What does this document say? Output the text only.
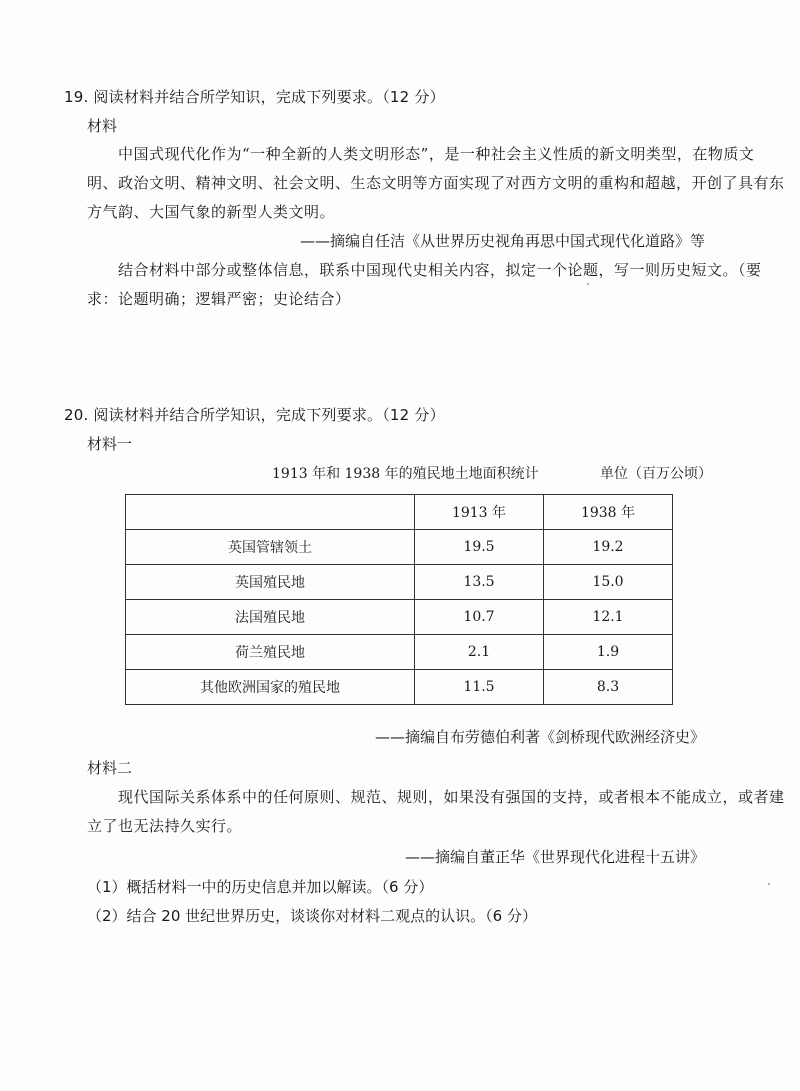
19. 阅读材料并结合所学知识，完成下列要求。（12 分）
材料
中国式现代化作为“一种全新的人类文明形态”，是一种社会主义性质的新文明类型，在物质文
明、政治文明、精神文明、社会文明、生态文明等方面实现了对西方文明的重构和超越，开创了具有东
方气韵、大国气象的新型人类文明。
——摘编自任洁《从世界历史视角再思中国式现代化道路》等
结合材料中部分或整体信息，联系中国现代史相关内容，拟定一个论题，写一则历史短文。（要
求：论题明确；逻辑严密；史论结合）
20. 阅读材料并结合所学知识，完成下列要求。（12 分）
材料一
1913 年和 1938 年的殖民地土地面积统计	单位（百万公顷）
	1913 年	1938 年
英国管辖领土	19.5	19.2
英国殖民地	13.5	15.0
法国殖民地	10.7	12.1
荷兰殖民地	2.1	1.9
其他欧洲国家的殖民地	11.5	8.3
——摘编自布劳德伯利著《剑桥现代欧洲经济史》
材料二
现代国际关系体系中的任何原则、规范、规则，如果没有强国的支持，或者根本不能成立，或者建
立了也无法持久实行。
——摘编自董正华《世界现代化进程十五讲》
（1）概括材料一中的历史信息并加以解读。（6 分）
（2）结合 20 世纪世界历史，谈谈你对材料二观点的认识。（6 分）
